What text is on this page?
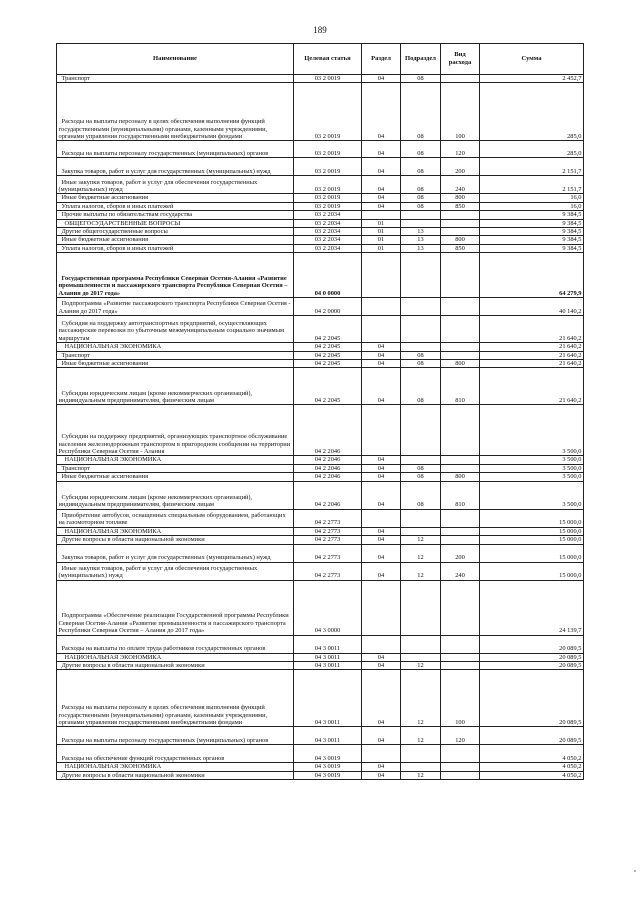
189
Наименование	Целевая статья	Раздел	Подраздел	Вид расхода	Сумма
Транспорт	03 2 0019	04	08		2 452,7
Расходы на выплаты персоналу в целях обеспечения выполнения функций государственными (муниципальными) органами, казенными учреждениями, органами управления государственными внебюджетными фондами	03 2 0019	04	08	100	285,0
Расходы на выплаты персоналу государственных (муниципальных) органов	03 2 0019	04	08	120	285,0
Закупка товаров, работ и услуг для государственных (муниципальных) нужд	03 2 0019	04	08	200	2 151,7
Иные закупки товаров, работ и услуг для обеспечения государственных (муниципальных) нужд	03 2 0019	04	08	240	2 151,7
Иные бюджетные ассигнования	03 2 0019	04	08	800	16,0
Уплата налогов, сборов и иных платежей	03 2 0019	04	08	850	16,0
Прочие выплаты по обязательствам государства	03 2 2034				9 384,5
ОБЩЕГОСУДАРСТВЕННЫЕ ВОПРОСЫ	03 2 2034	01			9 384,5
Другие общегосударственные вопросы	03 2 2034	01	13		9 384,5
Иные бюджетные ассигнования	03 2 2034	01	13	800	9 384,5
Уплата налогов, сборов и иных платежей	03 2 2034	01	13	850	9 384,5
Государственная программа Республики Северная Осетия-Алания «Развитие промышленности и пассажирского транспорта Республики Северная Осетия – Алания до 2017 года»	04 0 0000				64 279,9
Подпрограмма «Развитие пассажирского транспорта Республики Северная Осетия - Алания до 2017 года»	04 2 0000				40 140,2
Субсидия на поддержку автотранспортных предприятий, осуществляющих пассажирские перевозки по убыточным межмуниципальным социально значимым маршрутам	04 2 2045				21 640,2
НАЦИОНАЛЬНАЯ ЭКОНОМИКА	04 2 2045	04			21 640,2
Транспорт	04 2 2045	04	08		21 640,2
Иные бюджетные ассигнования	04 2 2045	04	08	800	21 640,2
Субсидии юридическим лицам (кроме некоммерческих организаций), индивидуальным предпринимателям, физическим лицам	04 2 2045	04	08	810	21 640,2
Субсидии на поддержку предприятий, организующих транспортное обслуживание населения железнодорожным транспортом в пригородном сообщении на территории Республики Северная Осетия - Алания	04 2 2046				3 500,0
НАЦИОНАЛЬНАЯ ЭКОНОМИКА	04 2 2046	04			3 500,0
Транспорт	04 2 2046	04	08		3 500,0
Иные бюджетные ассигнования	04 2 2046	04	08	800	3 500,0
Субсидии юридическим лицам (кроме некоммерческих организаций), индивидуальным предпринимателям, физическим лицам	04 2 2046	04	08	810	3 500,0
Приобретение автобусов, оснащенных специальным оборудованием, работающих на газомоторном топливе	04 2 2773				15 000,0
НАЦИОНАЛЬНАЯ ЭКОНОМИКА	04 2 2773	04			15 000,0
Другие вопросы в области национальной экономики	04 2 2773	04	12		15 000,0
Закупка товаров, работ и услуг для государственных (муниципальных) нужд	04 2 2773	04	12	200	15 000,0
Иные закупки товаров, работ и услуг для обеспечения государственных (муниципальных) нужд	04 2 2773	04	12	240	15 000,0
Подпрограмма «Обеспечение реализации Государственной программы Республики Северная Осетия-Алания «Развитие промышленности и пассажирского транспорта Республики Северная Осетия – Алания до 2017 года»	04 3 0000				24 139,7
Расходы на выплаты по оплате труда работников государственных органов	04 3 0011				20 089,5
НАЦИОНАЛЬНАЯ ЭКОНОМИКА	04 3 0011	04			20 089,5
Другие вопросы в области национальной экономики	04 3 0011	04	12		20 089,5
Расходы на выплаты персоналу в целях обеспечения выполнения функций государственными (муниципальными) органами, казенными учреждениями, органами управления государственными внебюджетными фондами	04 3 0011	04	12	100	20 089,5
Расходы на выплаты персоналу государственных (муниципальных) органов	04 3 0011	04	12	120	20 089,5
Расходы на обеспечение функций государственных органов	04 3 0019				4 050,2
НАЦИОНАЛЬНАЯ ЭКОНОМИКА	04 3 0019	04			4 050,2
Другие вопросы в области национальной экономики	04 3 0019	04	12		4 050,2
